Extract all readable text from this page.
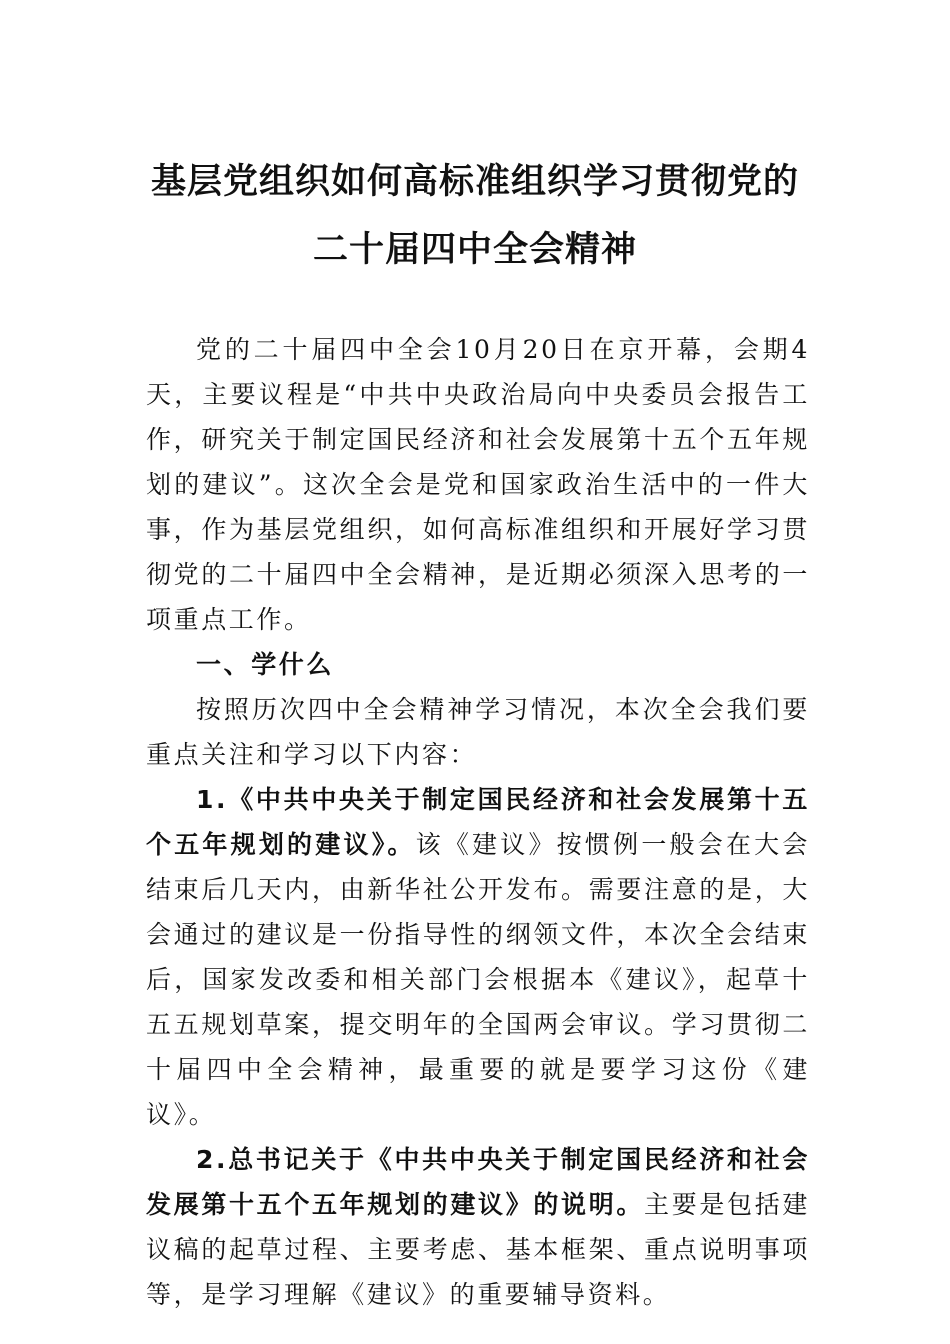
基层党组织如何高标准组织学习贯彻党的
二十届四中全会精神

党的二十届四中全会10月20日在京开幕，会期4天，主要议程是“中共中央政治局向中央委员会报告工作，研究关于制定国民经济和社会发展第十五个五年规划的建议”。这次全会是党和国家政治生活中的一件大事，作为基层党组织，如何高标准组织和开展好学习贯彻党的二十届四中全会精神，是近期必须深入思考的一项重点工作。

一、学什么

按照历次四中全会精神学习情况，本次全会我们要重点关注和学习以下内容：

1.《中共中央关于制定国民经济和社会发展第十五个五年规划的建议》。该《建议》按惯例一般会在大会结束后几天内，由新华社公开发布。需要注意的是，大会通过的建议是一份指导性的纲领文件，本次全会结束后，国家发改委和相关部门会根据本《建议》，起草十五五规划草案，提交明年的全国两会审议。学习贯彻二十届四中全会精神，最重要的就是要学习这份《建议》。

2.总书记关于《中共中央关于制定国民经济和社会发展第十五个五年规划的建议》的说明。主要是包括建议稿的起草过程、主要考虑、基本框架、重点说明事项等，是学习理解《建议》的重要辅导资料。
